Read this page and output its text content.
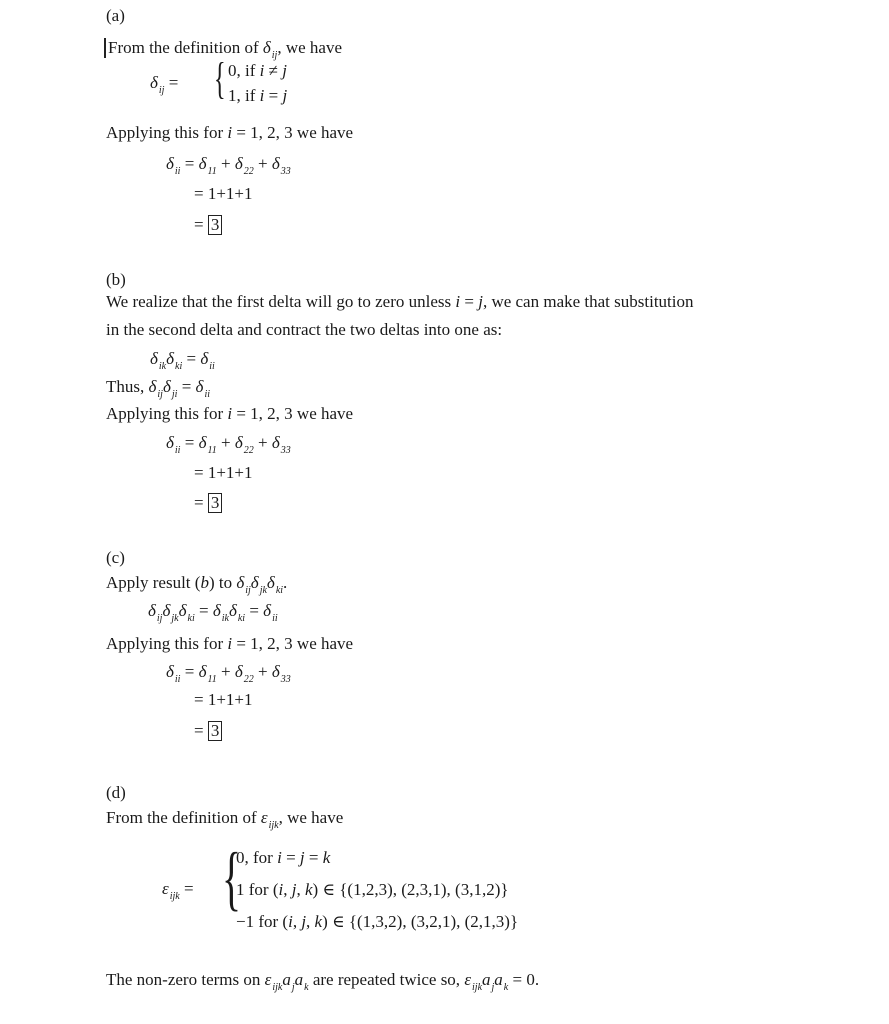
(a)
From the definition of $\delta_{ij}$, we have
$\delta_{ij}$ = { 0, if i ≠ j
1, if i = j
Applying this for i = 1, 2, 3 we have
$\delta_{ii} = \delta_{11} + \delta_{22} + \delta_{33}$
= 1+1+1
= 3
(b)
We realize that the first delta will go to zero unless i = j, we can make that substitution
in the second delta and contract the two deltas into one as:
$\delta_{ik}\delta_{ki} = \delta_{ii}$
Thus, $\delta_{ij}\delta_{ji} = \delta_{ii}$
Applying this for i = 1, 2, 3 we have
$\delta_{ii} = \delta_{11} + \delta_{22} + \delta_{33}$
= 1+1+1
= 3
(c)
Apply result (b) to $\delta_{ij}\delta_{jk}\delta_{ki}$.
$\delta_{ij}\delta_{jk}\delta_{ki} = \delta_{ik}\delta_{ki} = \delta_{ii}$
Applying this for i = 1, 2, 3 we have
$\delta_{ii} = \delta_{11} + \delta_{22} + \delta_{33}$
= 1+1+1
= 3
(d)
From the definition of $\varepsilon_{ijk}$, we have
$\varepsilon_{ijk}$ = {
0, for i = j = k
1 for (i, j, k) ∈ {(1,2,3), (2,3,1), (3,1,2)}
−1 for (i, j, k) ∈ {(1,3,2), (3,2,1), (2,1,3)}
The non-zero terms on $\varepsilon_{ijk}a_ja_k$ are repeated twice so, $\varepsilon_{ijk}a_ja_k = 0$.
